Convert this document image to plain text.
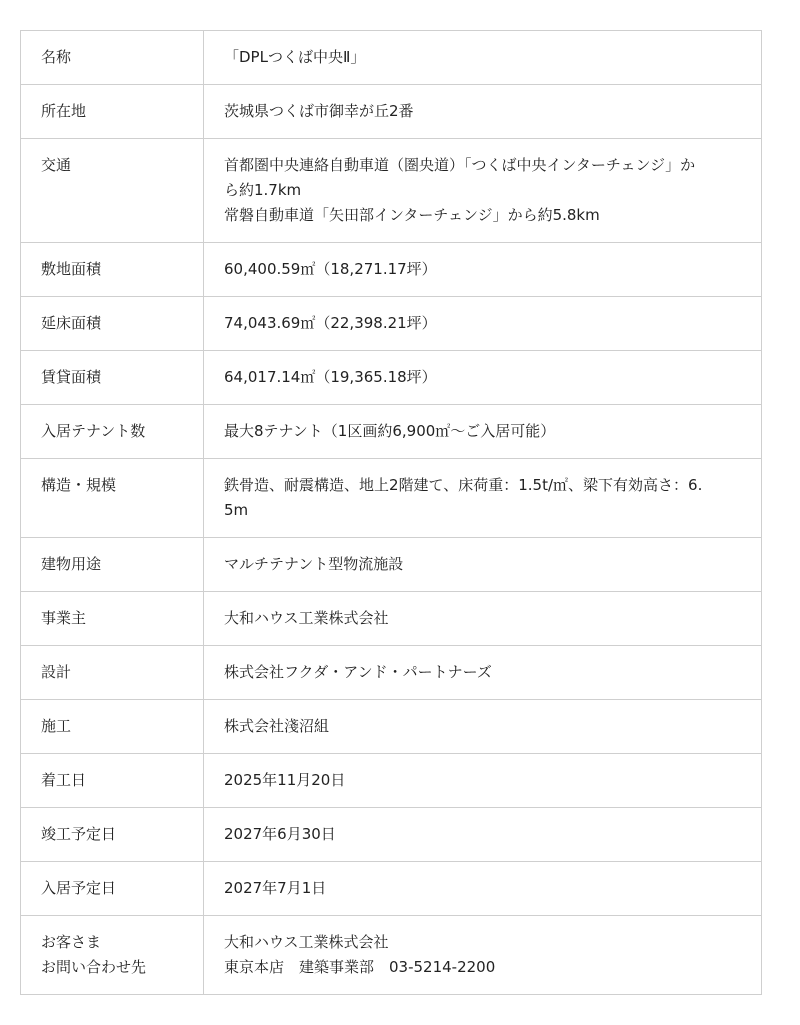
名称	「DPLつくば中央Ⅱ」

所在地	茨城県つくば市御幸が丘2番

交通	首都圏中央連絡自動車道（圏央道）「つくば中央インターチェンジ」か
ら約1.7km
常磐自動車道「矢田部インターチェンジ」から約5.8km

敷地面積	60,400.59㎡（18,271.17坪）

延床面積	74,043.69㎡（22,398.21坪）

賃貸面積	64,017.14㎡（19,365.18坪）

入居テナント数	最大8テナント（1区画約6,900㎡～ご入居可能）

構造・規模	鉄骨造、耐震構造、地上2階建て、床荷重：1.5t/㎡、梁下有効高さ：6.
5m

建物用途	マルチテナント型物流施設

事業主	大和ハウス工業株式会社

設計	株式会社フクダ・アンド・パートナーズ

施工	株式会社淺沼組

着工日	2025年11月20日

竣工予定日	2027年6月30日

入居予定日	2027年7月1日

お客さま
お問い合わせ先	大和ハウス工業株式会社
東京本店　建築事業部　03-5214-2200
